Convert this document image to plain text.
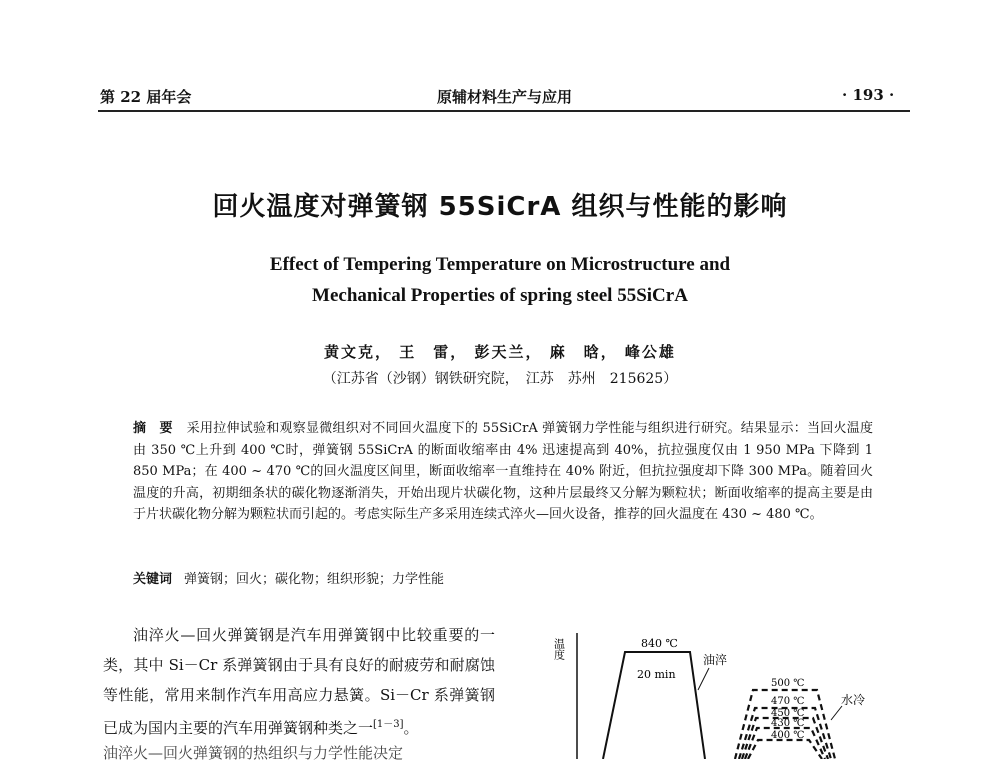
第 22 届年会	原辅材料生产与应用	· 193 ·
回火温度对弹簧钢 55SiCrA 组织与性能的影响
Effect of Tempering Temperature on Microstructure and
Mechanical Properties of spring steel 55SiCrA
黄文克， 王　雷， 彭天兰， 麻　晗， 峰公雄
（江苏省（沙钢）钢铁研究院，　江苏　苏州　215625）
摘　要 采用拉伸试验和观察显微组织对不同回火温度下的 55SiCrA 弹簧钢力学性能与组织进行研究。结果显示：当回火温度由 350 ℃上升到 400 ℃时，弹簧钢 55SiCrA 的断面收缩率由 4% 迅速提高到 40%，抗拉强度仅由 1 950 MPa 下降到 1 850 MPa；在 400 ~ 470 ℃的回火温度区间里，断面收缩率一直维持在 40% 附近，但抗拉强度却下降 300 MPa。随着回火温度的升高，初期细条状的碳化物逐渐消失，开始出现片状碳化物，这种片层最终又分解为颗粒状；断面收缩率的提高主要是由于片状碳化物分解为颗粒状而引起的。考虑实际生产多采用连续式淬火—回火设备，推荐的回火温度在 430 ~ 480 ℃。
关键词 弹簧钢；回火；碳化物；组织形貌；力学性能
油淬火—回火弹簧钢是汽车用弹簧钢中比较重要的一类，其中 Si－Cr 系弹簧钢由于具有良好的耐疲劳和耐腐蚀等性能，常用来制作汽车用高应力悬簧。Si－Cr 系弹簧钢已成为国内主要的汽车用弹簧钢种类之一[1－3]。
油淬火—回火弹簧钢的热组织与力学性能决定
温度	840 ℃
20 min
油淬
500 ℃
470 ℃
450 ℃
430 ℃
400 ℃
水冷
